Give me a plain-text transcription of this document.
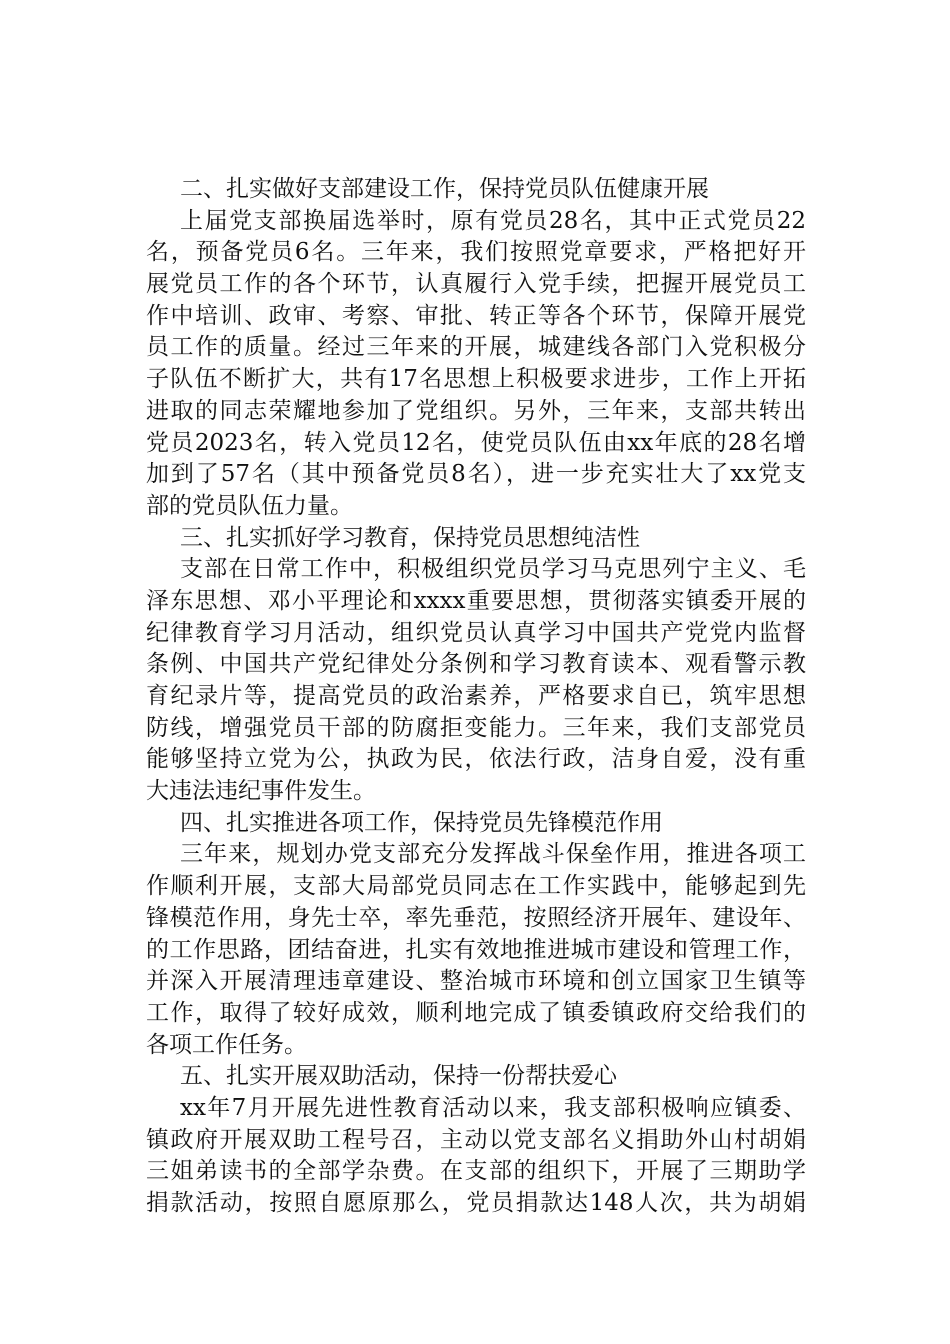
二、扎实做好支部建设工作，保持党员队伍健康开展
上届党支部换届选举时，原有党员28名，其中正式党员22
名，预备党员6名。三年来，我们按照党章要求，严格把好开
展党员工作的各个环节，认真履行入党手续，把握开展党员工
作中培训、政审、考察、审批、转正等各个环节，保障开展党
员工作的质量。经过三年来的开展，城建线各部门入党积极分
子队伍不断扩大，共有17名思想上积极要求进步，工作上开拓
进取的同志荣耀地参加了党组织。另外，三年来，支部共转出
党员2023名，转入党员12名，使党员队伍由xx年底的28名增
加到了57名（其中预备党员8名），进一步充实壮大了xx党支
部的党员队伍力量。
三、扎实抓好学习教育，保持党员思想纯洁性
支部在日常工作中，积极组织党员学习马克思列宁主义、毛
泽东思想、邓小平理论和xxxx重要思想，贯彻落实镇委开展的
纪律教育学习月活动，组织党员认真学习中国共产党党内监督
条例、中国共产党纪律处分条例和学习教育读本、观看警示教
育纪录片等，提高党员的政治素养，严格要求自已，筑牢思想
防线，增强党员干部的防腐拒变能力。三年来，我们支部党员
能够坚持立党为公，执政为民，依法行政，洁身自爱，没有重
大违法违纪事件发生。
四、扎实推进各项工作，保持党员先锋模范作用
三年来，规划办党支部充分发挥战斗保垒作用，推进各项工
作顺利开展，支部大局部党员同志在工作实践中，能够起到先
锋模范作用，身先士卒，率先垂范，按照经济开展年、建设年、
的工作思路，团结奋进，扎实有效地推进城市建设和管理工作，
并深入开展清理违章建设、整治城市环境和创立国家卫生镇等
工作，取得了较好成效，顺利地完成了镇委镇政府交给我们的
各项工作任务。
五、扎实开展双助活动，保持一份帮扶爱心
xx年7月开展先进性教育活动以来，我支部积极响应镇委、
镇政府开展双助工程号召，主动以党支部名义捐助外山村胡娟
三姐弟读书的全部学杂费。在支部的组织下，开展了三期助学
捐款活动，按照自愿原那么，党员捐款达148人次，共为胡娟
